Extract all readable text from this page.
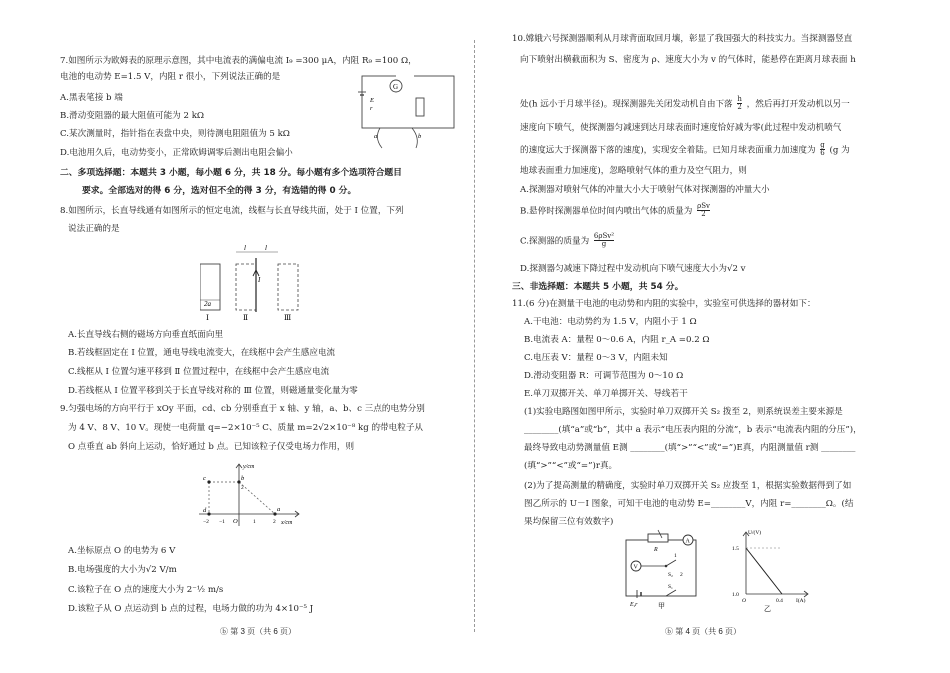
7.如图所示为欧姆表的原理示意图，其中电流表的满偏电流 I₉ =300 μA，内阻 R₉ =100 Ω，
电池的电动势 E=1.5 V，内阻 r 很小，下列说法正确的是
A.黑表笔接 b 端
B.滑动变阻器的最大阻值可能为 2 kΩ
C.某次测量时，指针指在表盘中央，则待测电阻阻值为 5 kΩ
D.电池用久后，电动势变小，正常欧姆调零后测出电阻会偏小
G
E
r
a	b
二、多项选择题：本题共 3 小题，每小题 6 分，共 18 分。每小题有多个选项符合题目
要求。全部选对的得 6 分，选对但不全的得 3 分，有选错的得 0 分。
8.如图所示，长直导线通有如图所示的恒定电流，线框与长直导线共面，处于 Ⅰ 位置，下列
说法正确的是
l	l
I
2a
Ⅰ	Ⅱ	Ⅲ
A.长直导线右侧的磁场方向垂直纸面向里
B.若线框固定在 Ⅰ 位置，通电导线电流变大，在线框中会产生感应电流
C.线框从 Ⅰ 位置匀速平移到 Ⅱ 位置过程中，在线框中会产生感应电流
D.若线框从 Ⅰ 位置平移到关于长直导线对称的 Ⅲ 位置，则磁通量变化量为零
9.匀强电场的方向平行于 xOy 平面，cd、cb 分别垂直于 x 轴、y 轴，a、b、c 三点的电势分别
为 4 V、8 V、10 V。现使一电荷量 q=−2×10⁻⁵ C、质量 m=2√2×10⁻⁸ kg 的带电粒子从
O 点垂直 ab 斜向上运动，恰好通过 b 点。已知该粒子仅受电场力作用，则
y/cm
x/cm
c	b
d	a
O
2
−2 −1	1	2
A.坐标原点 O 的电势为 6 V
B.电场强度的大小为√2 V/m
C.该粒子在 O 点的速度大小为 2⁻½ m/s
D.该粒子从 O 点运动到 b 点的过程，电场力做的功为 4×10⁻⁵ J
ⓑ 第 3 页（共 6 页）
10.嫦娥六号探测器顺利从月球背面取回月壤，彰显了我国强大的科技实力。当探测器竖直
向下喷射出横截面积为 S、密度为 ρ、速度大小为 v 的气体时，能悬停在距离月球表面 h
处(h 远小于月球半径)。现探测器先关闭发动机自由下落 $\frac{h}{2}$ ，然后再打开发动机以另一
速度向下喷气，使探测器匀减速到达月球表面时速度恰好减为零(此过程中发动机喷气
的速度远大于探测器下落的速度)，实现安全着陆。已知月球表面重力加速度为 $\frac{g}{6} (g$ 为
地球表面重力加速度)，忽略喷射气体的重力及空气阻力，则
A.探测器对喷射气体的冲量大小大于喷射气体对探测器的冲量大小
B.悬停时探测器单位时间内喷出气体的质量为
ρSv
2
C.探测器的质量为
6ρSv²
g
D.探测器匀减速下降过程中发动机向下喷气速度大小为√2 v
三、非选择题：本题共 5 小题，共 54 分。
11.(6 分)在测量干电池的电动势和内阻的实验中，实验室可供选择的器材如下：
A.干电池：电动势约为 1.5 V，内阻小于 1 Ω
B.电流表 A：量程 0～0.6 A，内阻 r_A =0.2 Ω
C.电压表 V：量程 0～3 V，内阻未知
D.滑动变阻器 R：可调节范围为 0～10 Ω
E.单刀双掷开关、单刀单掷开关、导线若干
(1)实验电路图如图甲所示，实验时单刀双掷开关 S₂ 拨至 2，则系统误差主要来源是
________(填“a”或“b”，其中 a 表示“电压表内阻的分流”，b 表示“电流表内阻的分压”)，
最终导致电动势测量值 E测 ________(填“>”“<”或“=”)E真，内阻测量值 r测 ________
(填“>”“<”或“=”)r真。
(2)为了提高测量的精确度，实验时单刀双掷开关 S₂ 应拨至 1，根据实验数据得到了如
图乙所示的 U－I 图象，可知干电池的电动势 E=________V，内阻 r=________Ω。(结
果均保留三位有效数字)
R
A
V
S₂
1
2
E,r
S₁
甲
U/(V)
I(A)
1.5
1.0
O	0.4
乙
ⓑ 第 4 页（共 6 页）
